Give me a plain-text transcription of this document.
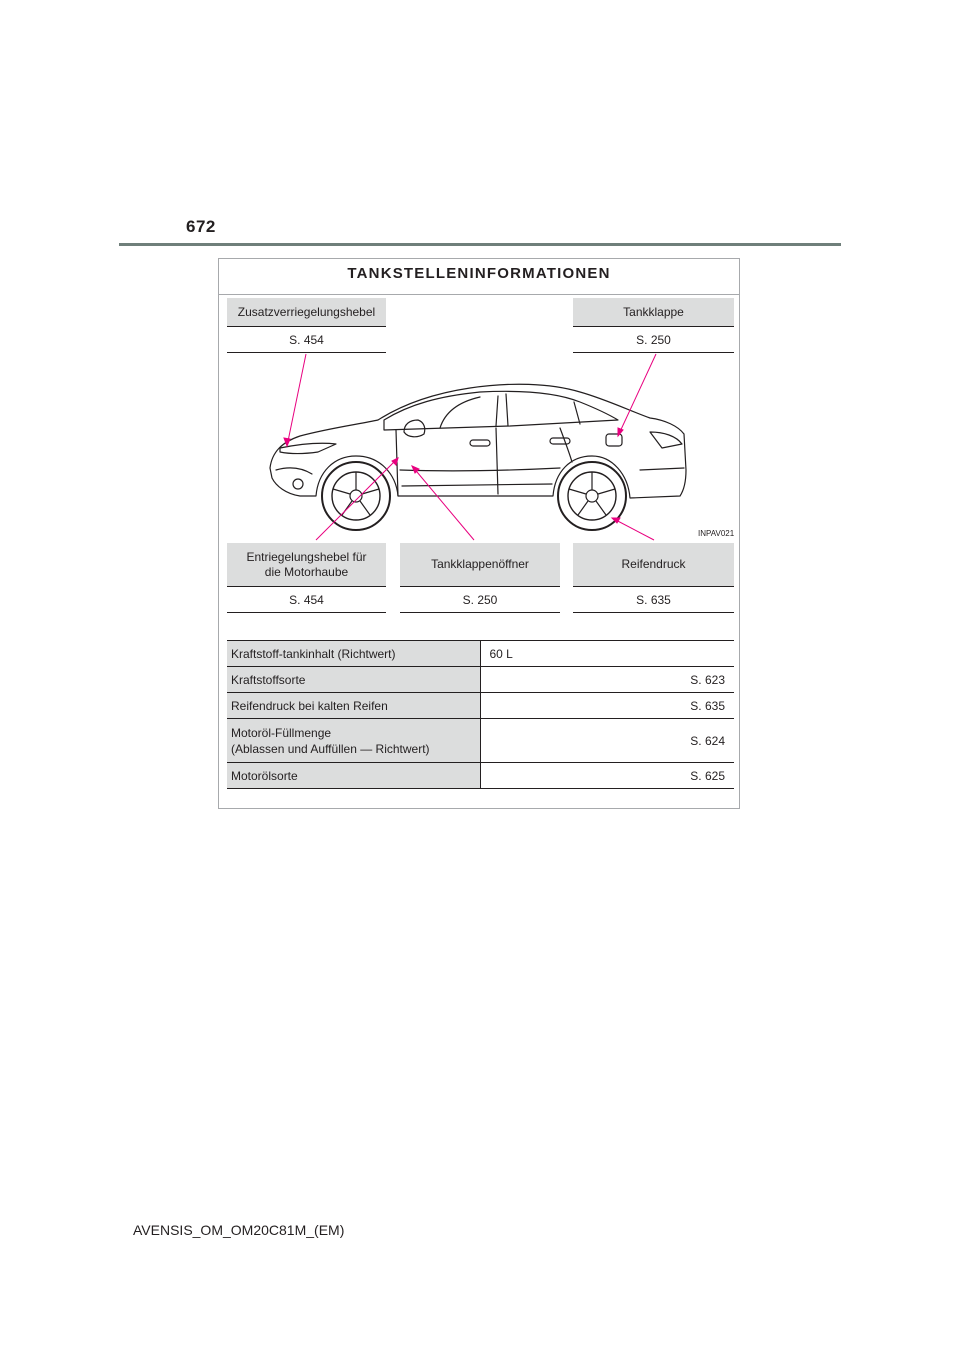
672
TANKSTELLENINFORMATIONEN
Zusatzverriegelungshebel
S. 454
Tankklappe
S. 250
INPAV021
Entriegelungshebel für
die Motorhaube
S. 454
Tankklappenöffner
S. 250
Reifendruck
S. 635
Kraftstoff-tankinhalt (Richtwert)	60 L
Kraftstoffsorte	S. 623
Reifendruck bei kalten Reifen	S. 635

Motoröl-Füllmenge
(Ablassen und Auffüllen — Richtwert)	S. 624
Motorölsorte	S. 625
AVENSIS_OM_OM20C81M_(EM)
